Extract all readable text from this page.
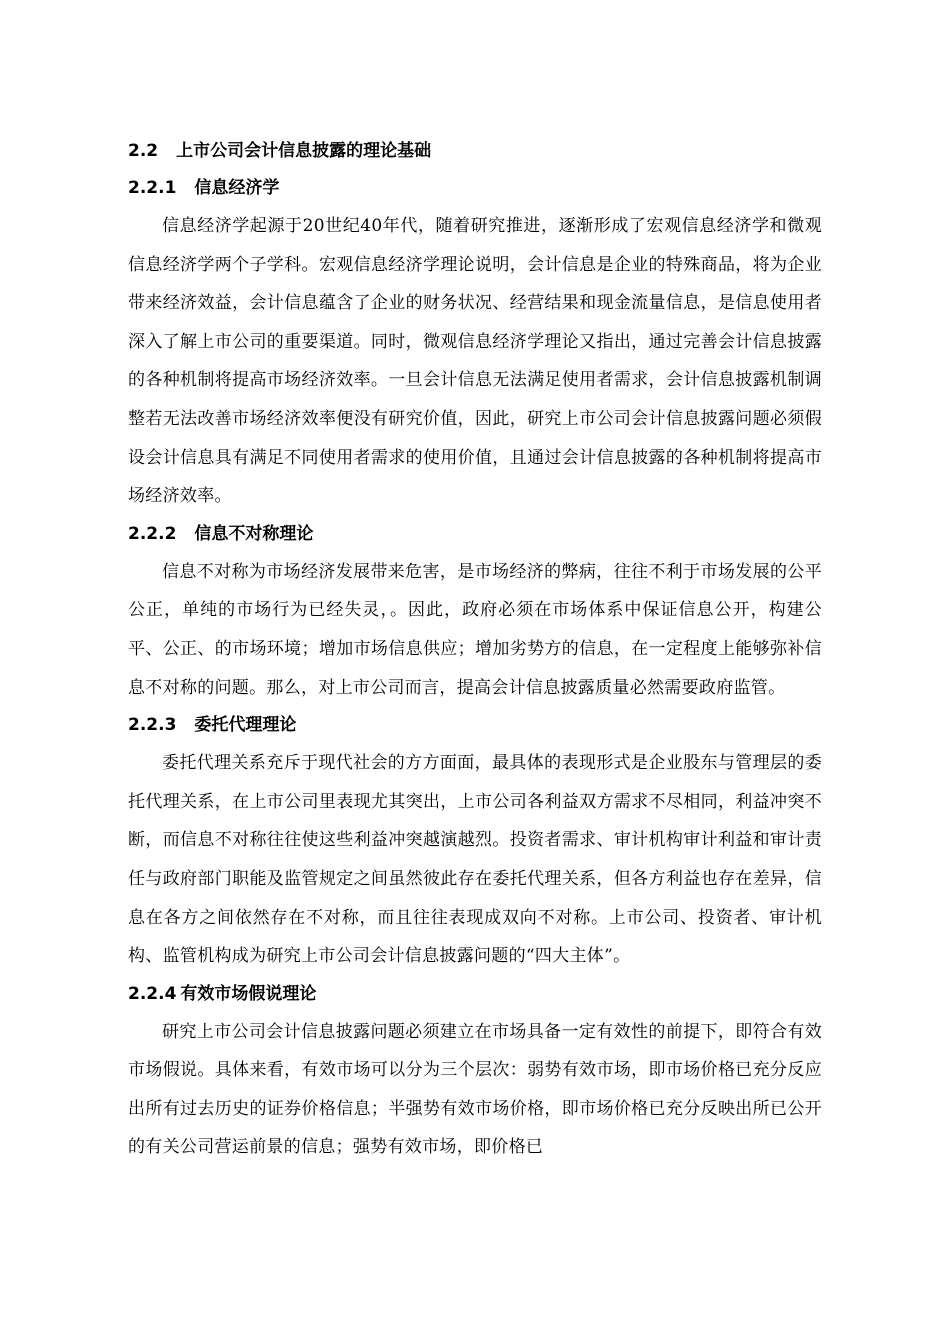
2.2 上市公司会计信息披露的理论基础
2.2.1 信息经济学

信息经济学起源于20世纪40年代，随着研究推进，逐渐形成了宏观信息经济学和微观信息经济学两个子学科。宏观信息经济学理论说明，会计信息是企业的特殊商品，将为企业带来经济效益，会计信息蕴含了企业的财务状况、经营结果和现金流量信息，是信息使用者深入了解上市公司的重要渠道。同时，微观信息经济学理论又指出，通过完善会计信息披露的各种机制将提高市场经济效率。一旦会计信息无法满足使用者需求，会计信息披露机制调整若无法改善市场经济效率便没有研究价值，因此，研究上市公司会计信息披露问题必须假设会计信息具有满足不同使用者需求的使用价值，且通过会计信息披露的各种机制将提高市场经济效率。

2.2.2 信息不对称理论

信息不对称为市场经济发展带来危害，是市场经济的弊病，往往不利于市场发展的公平公正，单纯的市场行为已经失灵，。因此，政府必须在市场体系中保证信息公开，构建公平、公正、的市场环境；增加市场信息供应；增加劣势方的信息，在一定程度上能够弥补信息不对称的问题。那么，对上市公司而言，提高会计信息披露质量必然需要政府监管。

2.2.3 委托代理理论

委托代理关系充斥于现代社会的方方面面，最具体的表现形式是企业股东与管理层的委托代理关系，在上市公司里表现尤其突出，上市公司各利益双方需求不尽相同，利益冲突不断，而信息不对称往往使这些利益冲突越演越烈。投资者需求、审计机构审计利益和审计责任与政府部门职能及监管规定之间虽然彼此存在委托代理关系，但各方利益也存在差异，信息在各方之间依然存在不对称，而且往往表现成双向不对称。上市公司、投资者、审计机构、监管机构成为研究上市公司会计信息披露问题的“四大主体”。

2.2.4 有效市场假说理论

研究上市公司会计信息披露问题必须建立在市场具备一定有效性的前提下，即符合有效市场假说。具体来看，有效市场可以分为三个层次：弱势有效市场，即市场价格已充分反应出所有过去历史的证券价格信息；半强势有效市场价格，即市场价格已充分反映出所已公开的有关公司营运前景的信息；强势有效市场，即价格已
